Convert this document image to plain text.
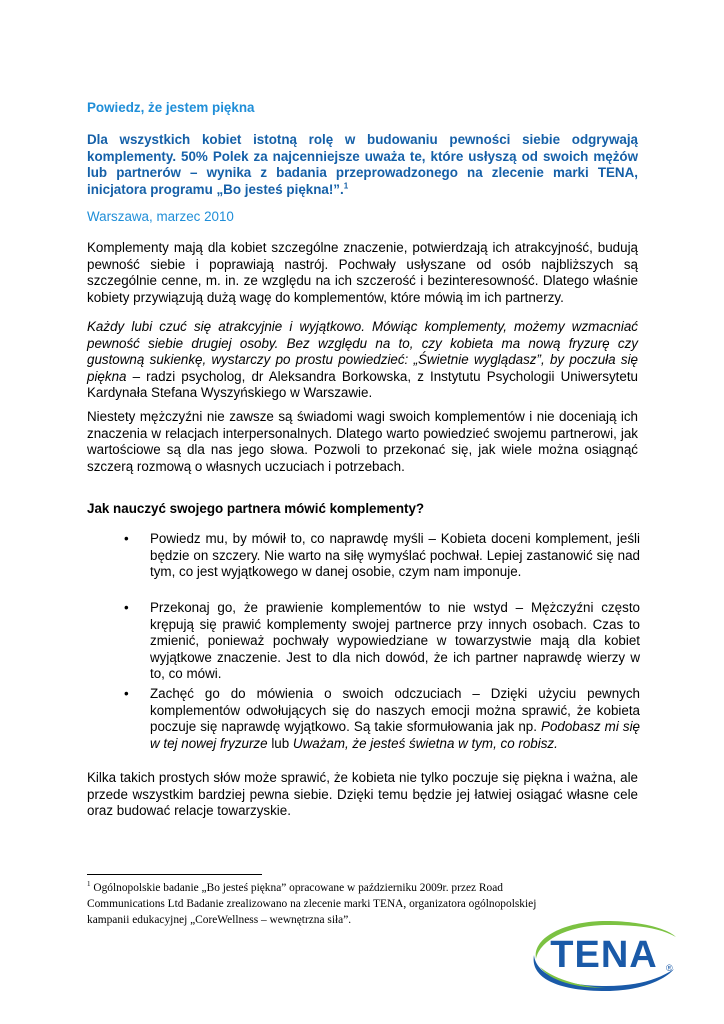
Powiedz, że jestem piękna

Dla wszystkich kobiet istotną rolę w budowaniu pewności siebie odgrywają komplementy. 50% Polek za najcenniejsze uważa te, które usłyszą od swoich mężów lub partnerów – wynika z badania przeprowadzonego na zlecenie marki TENA, inicjatora programu „Bo jesteś piękna!”.$^1$

Warszawa, marzec 2010

Komplementy mają dla kobiet szczególne znaczenie, potwierdzają ich atrakcyjność, budują pewność siebie i poprawiają nastrój. Pochwały usłyszane od osób najbliższych są szczególnie cenne, m. in. ze względu na ich szczerość i bezinteresowność. Dlatego właśnie kobiety przywiązują dużą wagę do komplementów, które mówią im ich partnerzy.

Każdy lubi czuć się atrakcyjnie i wyjątkowo. Mówiąc komplementy, możemy wzmacniać pewność siebie drugiej osoby. Bez względu na to, czy kobieta ma nową fryzurę czy gustowną sukienkę, wystarczy po prostu powiedzieć: „Świetnie wyglądasz”, by poczuła się piękna – radzi psycholog, dr Aleksandra Borkowska, z Instytutu Psychologii Uniwersytetu Kardynała Stefana Wyszyńskiego w Warszawie.

Niestety mężczyźni nie zawsze są świadomi wagi swoich komplementów i nie doceniają ich znaczenia w relacjach interpersonalnych. Dlatego warto powiedzieć swojemu partnerowi, jak wartościowe są dla nas jego słowa. Pozwoli to przekonać się, jak wiele można osiągnąć szczerą rozmową o własnych uczuciach i potrzebach.

Jak nauczyć swojego partnera mówić komplementy?
•	Powiedz mu, by mówił to, co naprawdę myśli – Kobieta doceni komplement, jeśli będzie on szczery. Nie warto na siłę wymyślać pochwał. Lepiej zastanowić się nad tym, co jest wyjątkowego w danej osobie, czym nam imponuje.
•	Przekonaj go, że prawienie komplementów to nie wstyd – Mężczyźni często krępują się prawić komplementy swojej partnerce przy innych osobach. Czas to zmienić, ponieważ pochwały wypowiedziane w towarzystwie mają dla kobiet wyjątkowe znaczenie. Jest to dla nich dowód, że ich partner naprawdę wierzy w to, co mówi.
•	Zachęć go do mówienia o swoich odczuciach – Dzięki użyciu pewnych komplementów odwołujących się do naszych emocji można sprawić, że kobieta poczuje się naprawdę wyjątkowo. Są takie sformułowania jak np. Podobasz mi się w tej nowej fryzurze lub Uważam, że jesteś świetna w tym, co robisz.

Kilka takich prostych słów może sprawić, że kobieta nie tylko poczuje się piękna i ważna, ale przede wszystkim bardziej pewna siebie. Dzięki temu będzie jej łatwiej osiągać własne cele oraz budować relacje towarzyskie.

$^1$ Ogólnopolskie badanie „Bo jesteś piękna” opracowane w październiku 2009r. przez Road Communications Ltd Badanie zrealizowano na zlecenie marki TENA, organizatora ogólnopolskiej kampanii edukacyjnej „CoreWellness – wewnętrzna siła”.

TENA ®
